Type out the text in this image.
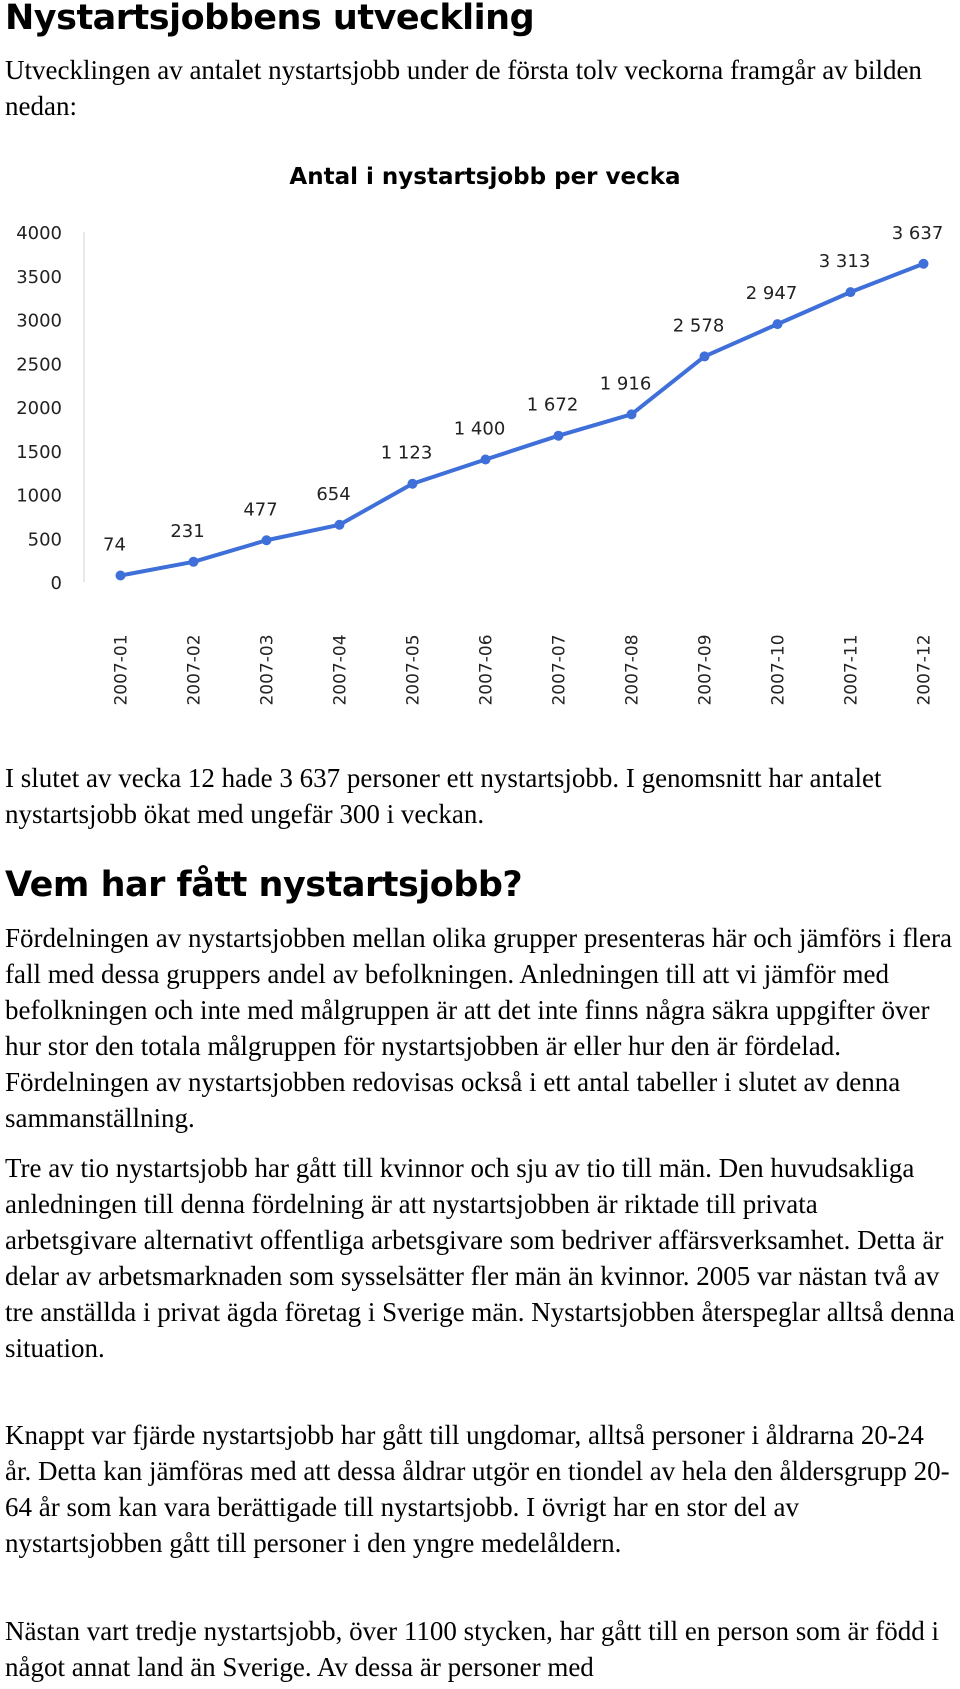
Nystartsjobbens utveckling

Utvecklingen av antalet nystartsjobb under de första tolv veckorna framgår av bilden nedan:

Antal i nystartsjobb per vecka
0
500
1000
1500
2000
2500
3000
3500
4000
2007-01	2007-02	2007-03	2007-04	2007-05	2007-06	2007-07	2007-08	2007-09	2007-10	2007-11	2007-12
74
231
477
654
1 123
1 400
1 672
1 916
2 578
2 947
3 313
3 637

I slutet av vecka 12 hade 3 637 personer ett nystartsjobb. I genomsnitt har antalet nystartsjobb ökat med ungefär 300 i veckan.

Vem har fått nystartsjobb?

Fördelningen av nystartsjobben mellan olika grupper presenteras här och jämförs i flera fall med dessa gruppers andel av befolkningen. Anledningen till att vi jämför med befolkningen och inte med målgruppen är att det inte finns några säkra uppgifter över hur stor den totala målgruppen för nystartsjobben är eller hur den är fördelad. Fördelningen av nystartsjobben redovisas också i ett antal tabeller i slutet av denna sammanställning.

Tre av tio nystartsjobb har gått till kvinnor och sju av tio till män. Den huvudsakliga anledningen till denna fördelning är att nystartsjobben är riktade till privata arbetsgivare alternativt offentliga arbetsgivare som bedriver affärsverksamhet. Detta är delar av arbetsmarknaden som sysselsätter fler män än kvinnor. 2005 var nästan två av tre anställda i privat ägda företag i Sverige män. Nystartsjobben återspeglar alltså denna situation.

Knappt var fjärde nystartsjobb har gått till ungdomar, alltså personer i åldrarna 20-24 år. Detta kan jämföras med att dessa åldrar utgör en tiondel av hela den åldersgrupp 20-64 år som kan vara berättigade till nystartsjobb. I övrigt har en stor del av nystartsjobben gått till personer i den yngre medelåldern.

Nästan vart tredje nystartsjobb, över 1100 stycken, har gått till en person som är född i något annat land än Sverige. Av dessa är personer med
